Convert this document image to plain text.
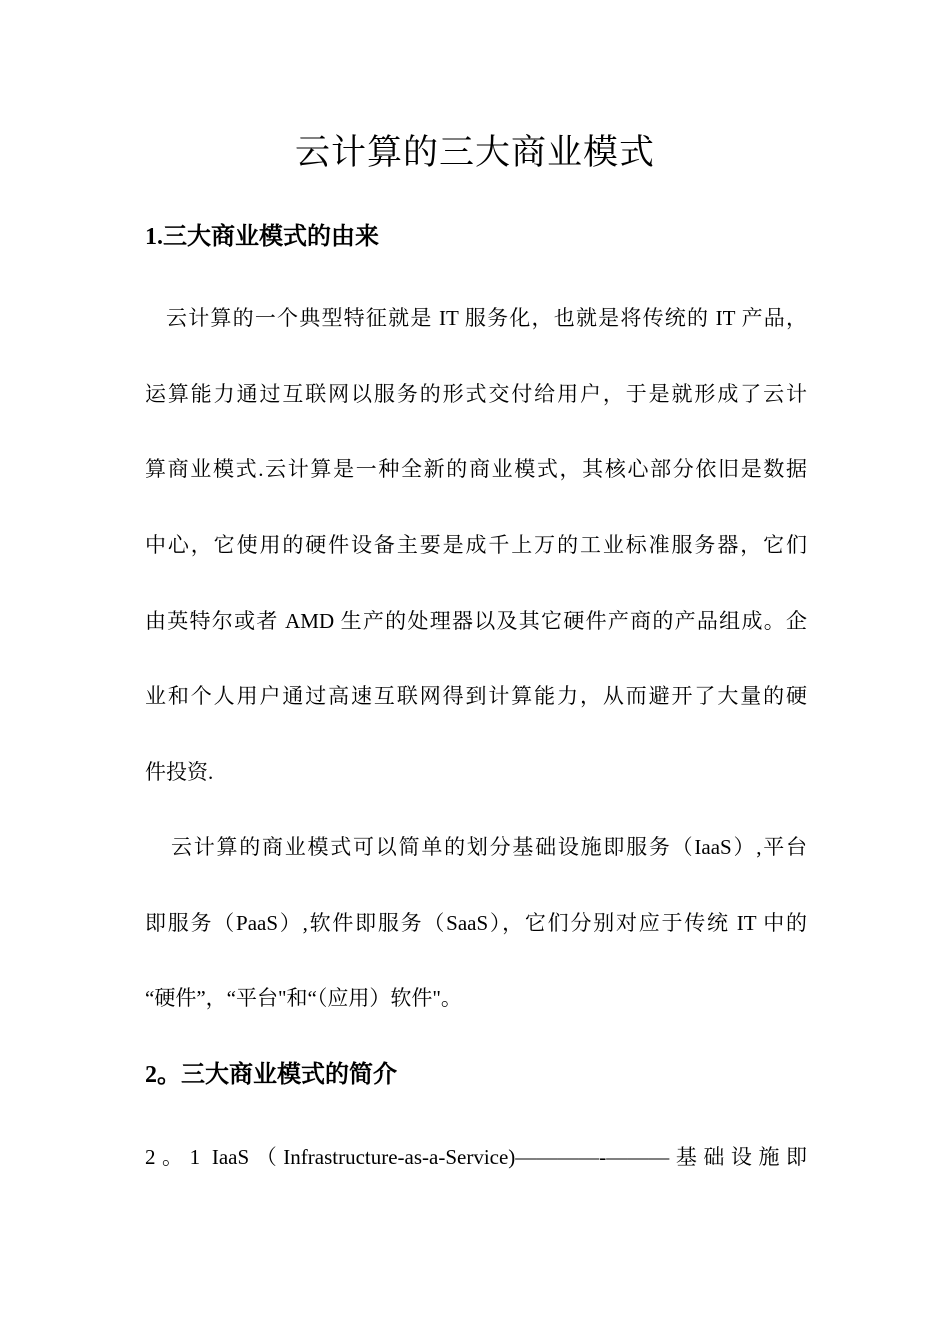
云计算的三大商业模式
1.三大商业模式的由来
云计算的一个典型特征就是 IT 服务化，也就是将传统的 IT 产品，
运算能力通过互联网以服务的形式交付给用户，于是就形成了云计
算商业模式.云计算是一种全新的商业模式，其核心部分依旧是数据
中心，它使用的硬件设备主要是成千上万的工业标准服务器，它们
由英特尔或者 AMD 生产的处理器以及其它硬件产商的产品组成。企
业和个人用户通过高速互联网得到计算能力，从而避开了大量的硬
件投资.
云计算的商业模式可以简单的划分基础设施即服务（IaaS）,平台
即服务（PaaS）,软件即服务（SaaS），它们分别对应于传统 IT 中的
“硬件”，“平台"和“（应用）软件"。
2。三大商业模式的简介

2。1 IaaS（Infrastructure-as-a-Service)————-———基础设施即
